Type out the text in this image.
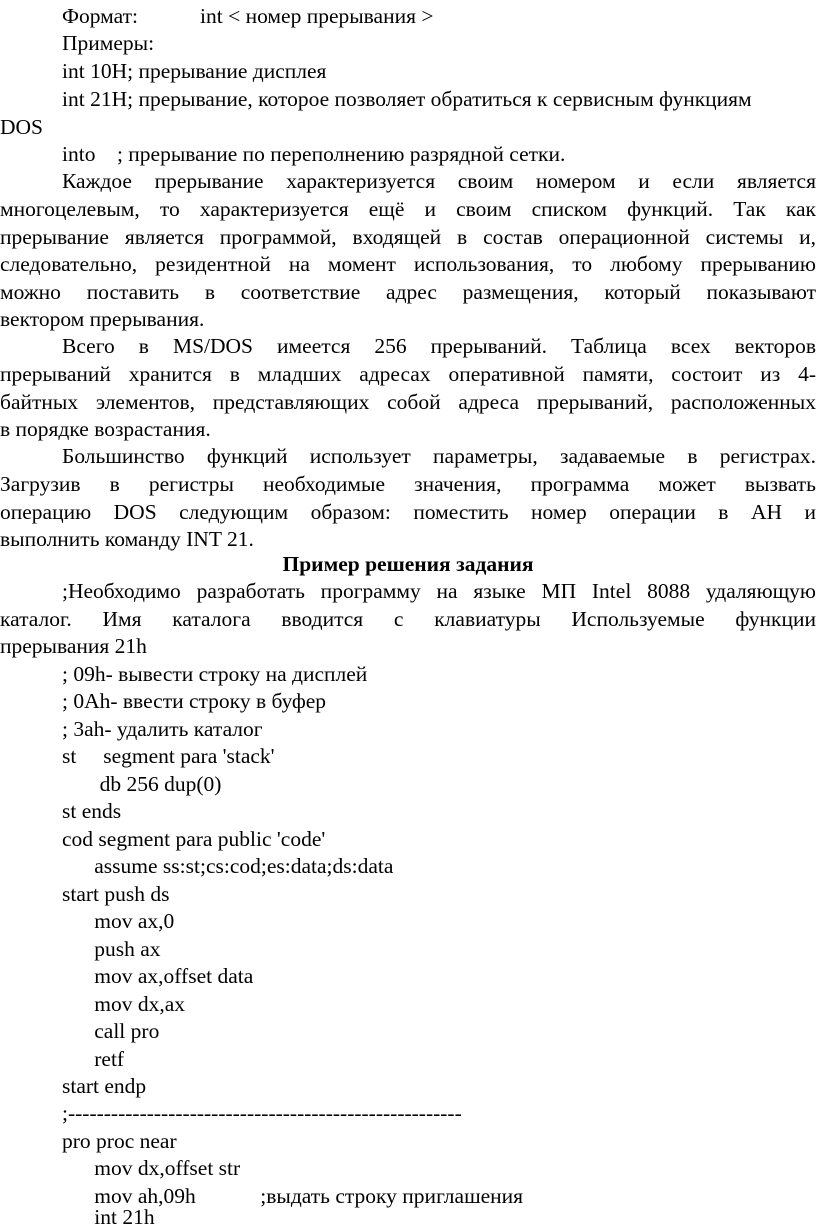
Формат:	int < номер прерывания >
Примеры:
int 10H; прерывание дисплея
int 21H; прерывание, которое позволяет обратиться к сервисным функциям
DOS
into    ; прерывание по переполнению разрядной сетки.
Каждое прерывание характеризуется своим номером и если является
многоцелевым, то характеризуется ещё и своим списком функций. Так как
прерывание является программой, входящей в состав операционной системы и,
следовательно, резидентной на момент использования, то любому прерыванию
можно поставить в соответствие адрес размещения, который показывают
вектором прерывания.
Всего в MS/DOS имеется 256 прерываний. Таблица всех векторов
прерываний хранится в младших адресах оперативной памяти, состоит из 4-
байтных элементов, представляющих собой адреса прерываний, расположенных
в порядке возрастания.
Большинство функций использует параметры, задаваемые в регистрах.
Загрузив в регистры необходимые значения, программа может вызвать
операцию DOS следующим образом: поместить номер операции в АН и
выполнить команду INT 21.
Пример решения задания
;Необходимо разработать программу на языке МП Intel 8088 удаляющую
каталог. Имя каталога вводится с клавиатуры Используемые функции
прерывания 21h
; 09h- вывести строку на дисплей
; 0Ah- ввести строку в буфер
; 3ah- удалить каталог
st     segment para 'stack'
db 256 dup(0)
st ends
cod segment para public 'code'
assume ss:st;cs:cod;es:data;ds:data
start push ds
mov ax,0
push ax
mov ax,offset data
mov dx,ax
call pro
retf
start endp
;-------------------------------------------------------
pro proc near
mov dx,offset str
mov ah,09h            ;выдать строку приглашения
int 21h
